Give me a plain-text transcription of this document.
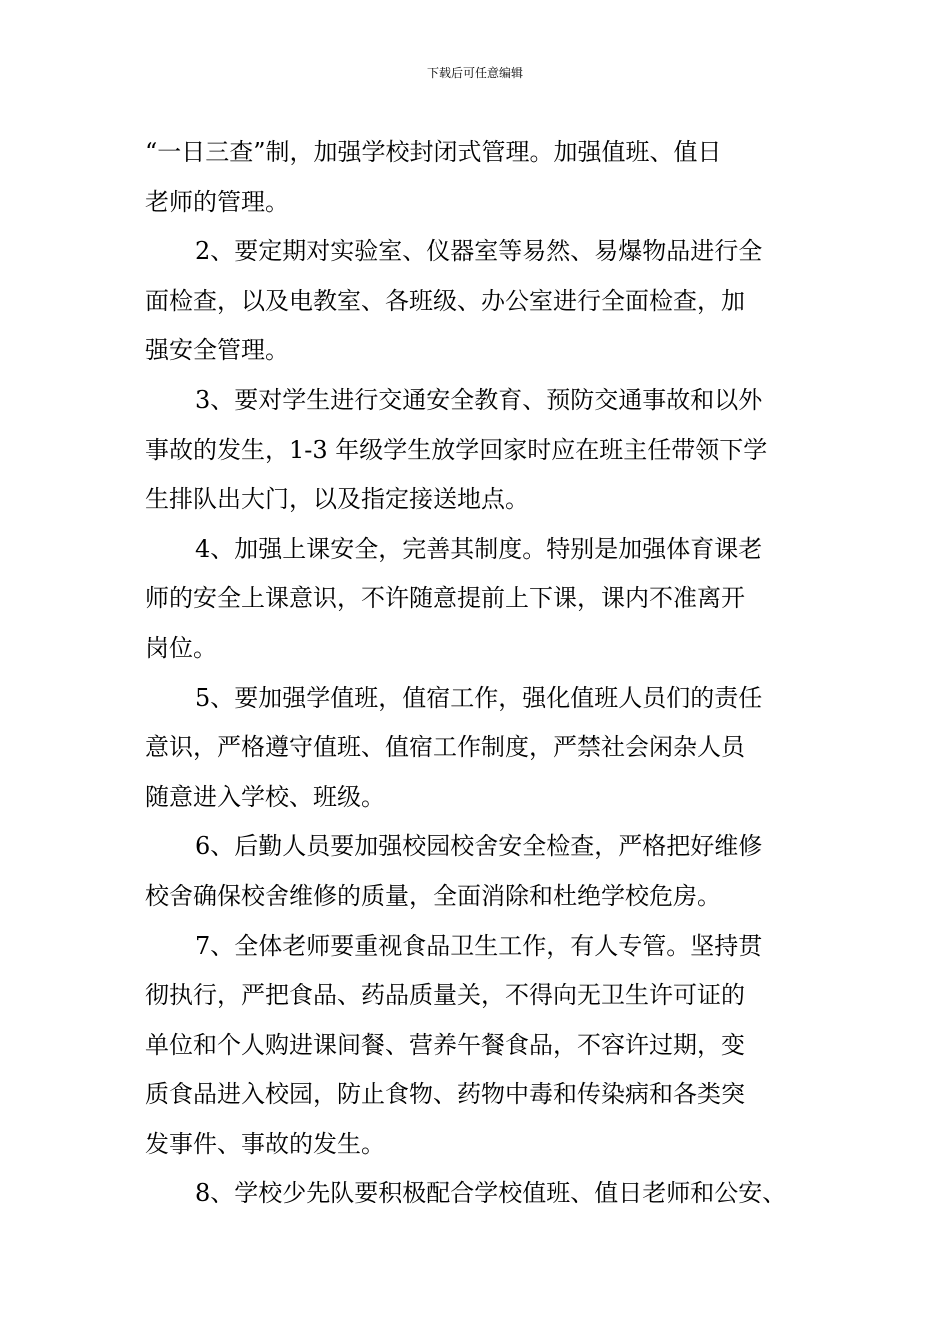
下载后可任意编辑
“一日三查”制，加强学校封闭式管理。加强值班、值日
老师的管理。
2、要定期对实验室、仪器室等易然、易爆物品进行全
面检查，以及电教室、各班级、办公室进行全面检查，加
强安全管理。
3、要对学生进行交通安全教育、预防交通事故和以外
事故的发生，1-3 年级学生放学回家时应在班主任带领下学
生排队出大门，以及指定接送地点。
4、加强上课安全，完善其制度。特别是加强体育课老
师的安全上课意识，不许随意提前上下课，课内不准离开
岗位。
5、要加强学值班，值宿工作，强化值班人员们的责任
意识，严格遵守值班、值宿工作制度，严禁社会闲杂人员
随意进入学校、班级。
6、后勤人员要加强校园校舍安全检查，严格把好维修
校舍确保校舍维修的质量，全面消除和杜绝学校危房。
7、全体老师要重视食品卫生工作，有人专管。坚持贯
彻执行，严把食品、药品质量关，不得向无卫生许可证的
单位和个人购进课间餐、营养午餐食品，不容许过期，变
质食品进入校园，防止食物、药物中毒和传染病和各类突
发事件、事故的发生。
8、学校少先队要积极配合学校值班、值日老师和公安、
